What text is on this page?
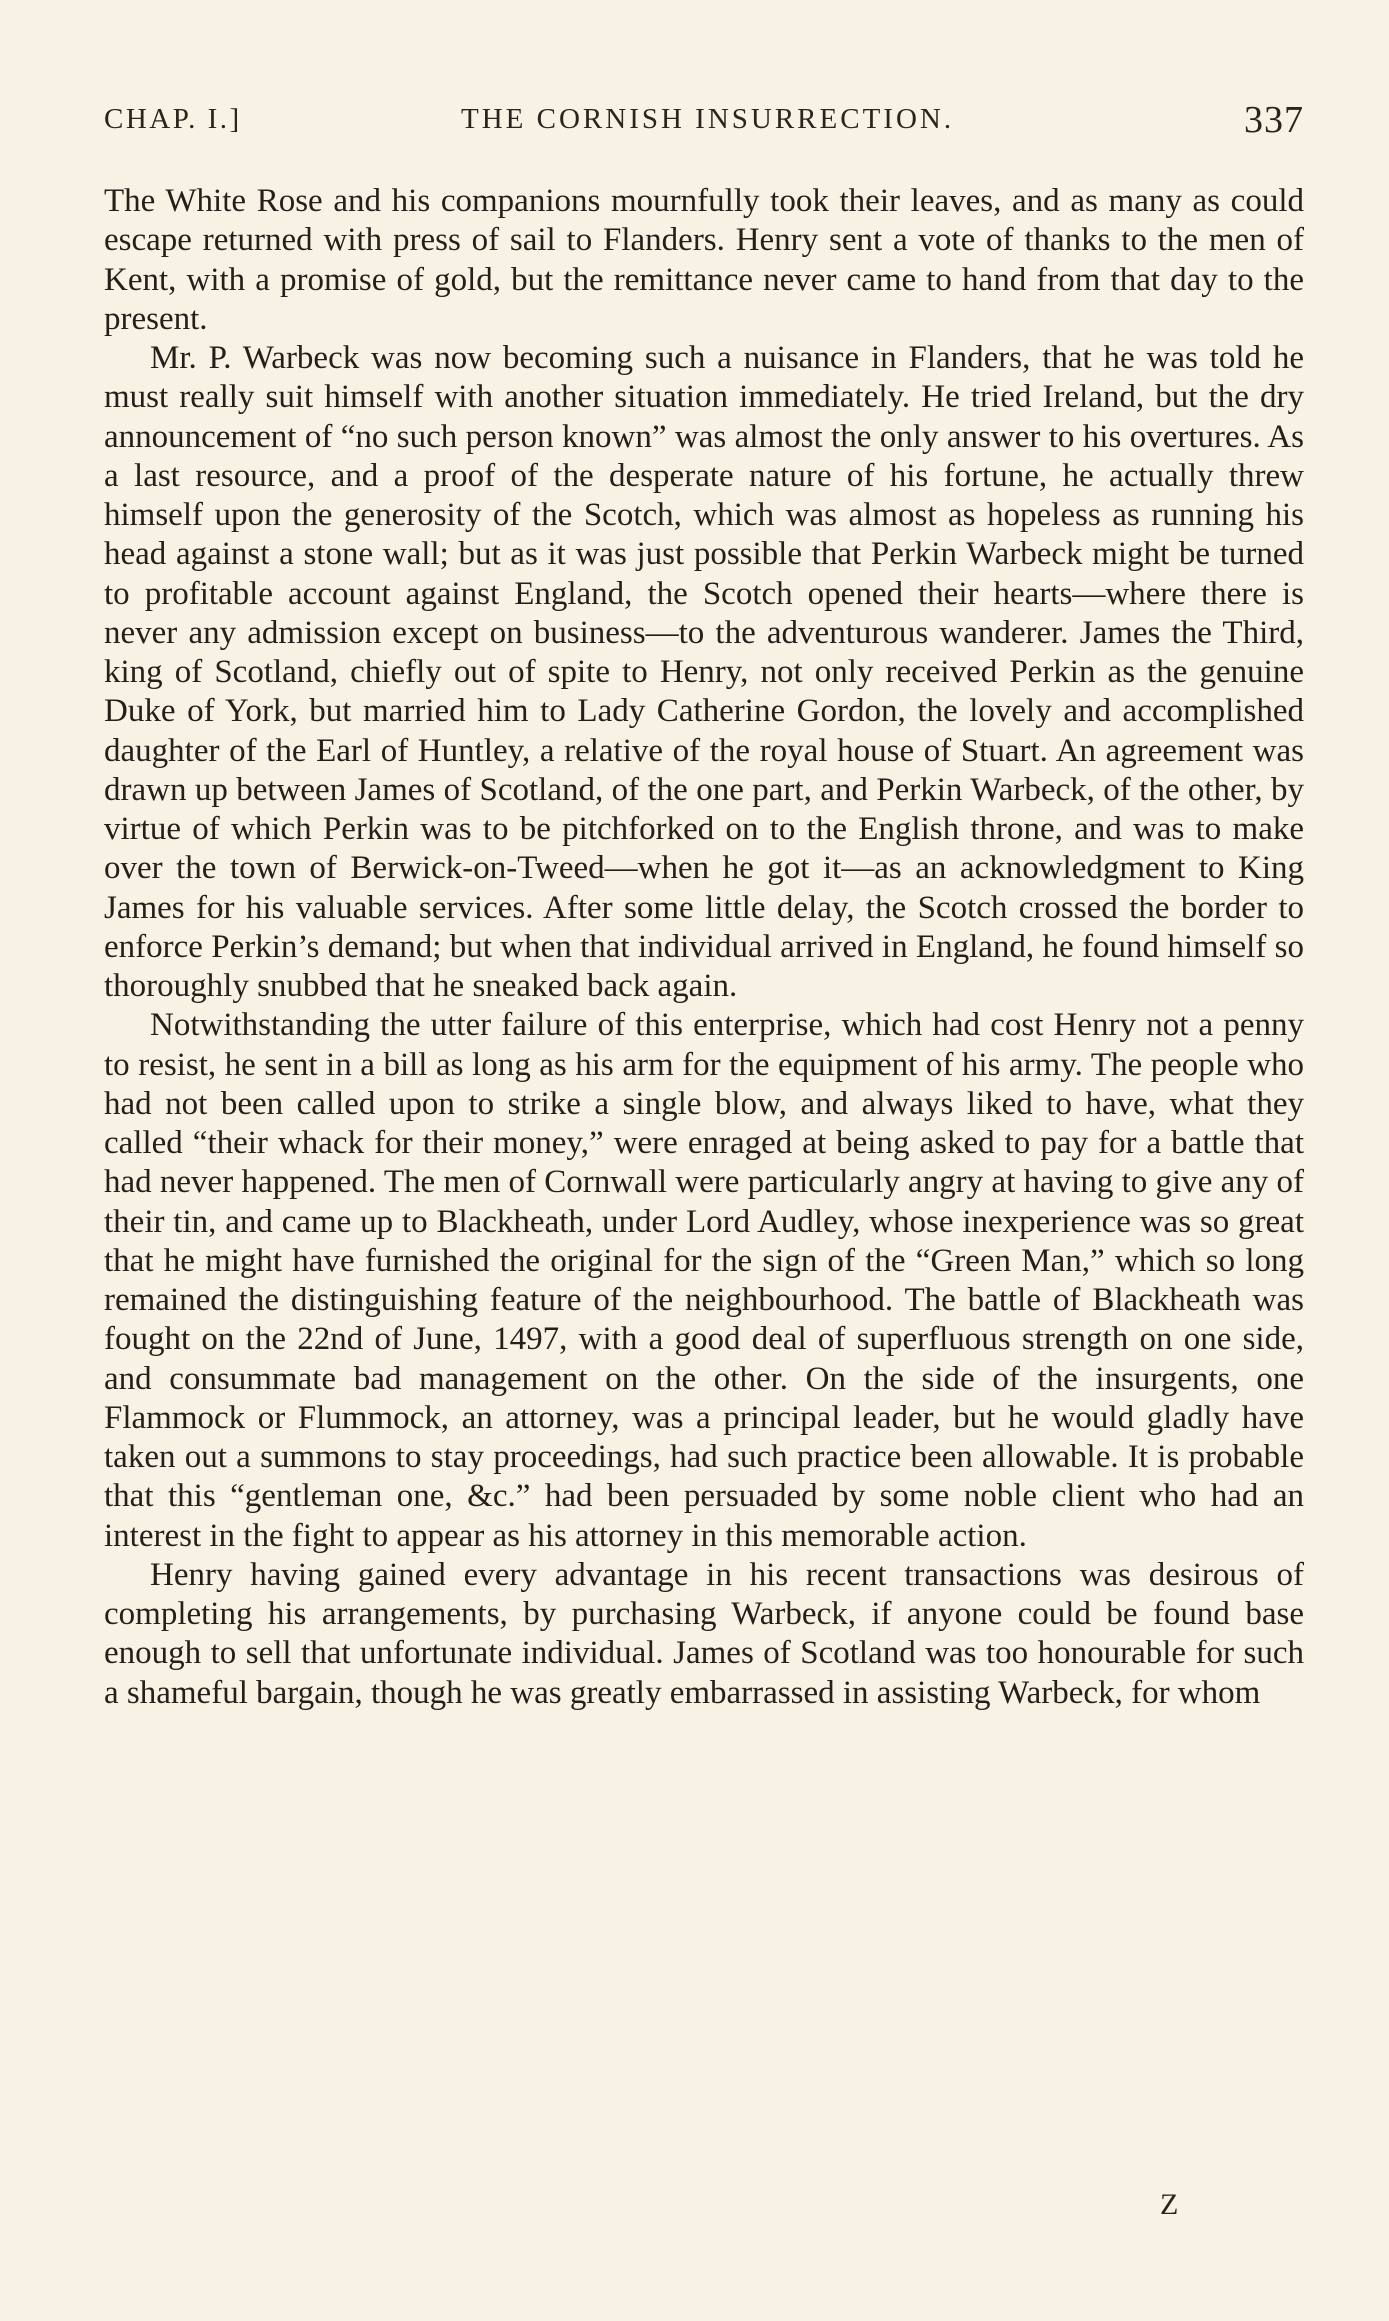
CHAP. I.]	THE CORNISH INSURRECTION.	337

The White Rose and his companions mournfully took their leaves, and as many as could escape returned with press of sail to Flanders. Henry sent a vote of thanks to the men of Kent, with a promise of gold, but the remittance never came to hand from that day to the present.

Mr. P. Warbeck was now becoming such a nuisance in Flanders, that he was told he must really suit himself with another situation immediately. He tried Ireland, but the dry announcement of “no such person known” was almost the only answer to his overtures. As a last resource, and a proof of the desperate nature of his fortune, he actually threw himself upon the generosity of the Scotch, which was almost as hopeless as running his head against a stone wall; but as it was just possible that Perkin Warbeck might be turned to profitable account against England, the Scotch opened their hearts—where there is never any admission except on business—to the adventurous wanderer. James the Third, king of Scotland, chiefly out of spite to Henry, not only received Perkin as the genuine Duke of York, but married him to Lady Catherine Gordon, the lovely and accomplished daughter of the Earl of Huntley, a relative of the royal house of Stuart. An agreement was drawn up between James of Scotland, of the one part, and Perkin Warbeck, of the other, by virtue of which Perkin was to be pitchforked on to the English throne, and was to make over the town of Berwick-on-Tweed—when he got it—as an acknowledgment to King James for his valuable services. After some little delay, the Scotch crossed the border to enforce Perkin’s demand; but when that individual arrived in England, he found himself so thoroughly snubbed that he sneaked back again.

Notwithstanding the utter failure of this enterprise, which had cost Henry not a penny to resist, he sent in a bill as long as his arm for the equipment of his army. The people who had not been called upon to strike a single blow, and always liked to have, what they called “their whack for their money,” were enraged at being asked to pay for a battle that had never happened. The men of Cornwall were particularly angry at having to give any of their tin, and came up to Blackheath, under Lord Audley, whose inexperience was so great that he might have furnished the original for the sign of the “Green Man,” which so long remained the distinguishing feature of the neighbourhood. The battle of Blackheath was fought on the 22nd of June, 1497, with a good deal of superfluous strength on one side, and consummate bad management on the other. On the side of the insurgents, one Flammock or Flummock, an attorney, was a principal leader, but he would gladly have taken out a summons to stay proceedings, had such practice been allowable. It is probable that this “gentleman one, &c.” had been persuaded by some noble client who had an interest in the fight to appear as his attorney in this memorable action.

Henry having gained every advantage in his recent transactions was desirous of completing his arrangements, by purchasing Warbeck, if anyone could be found base enough to sell that unfortunate individual. James of Scotland was too honourable for such a shameful bargain, though he was greatly embarrassed in assisting Warbeck, for whom

Z
